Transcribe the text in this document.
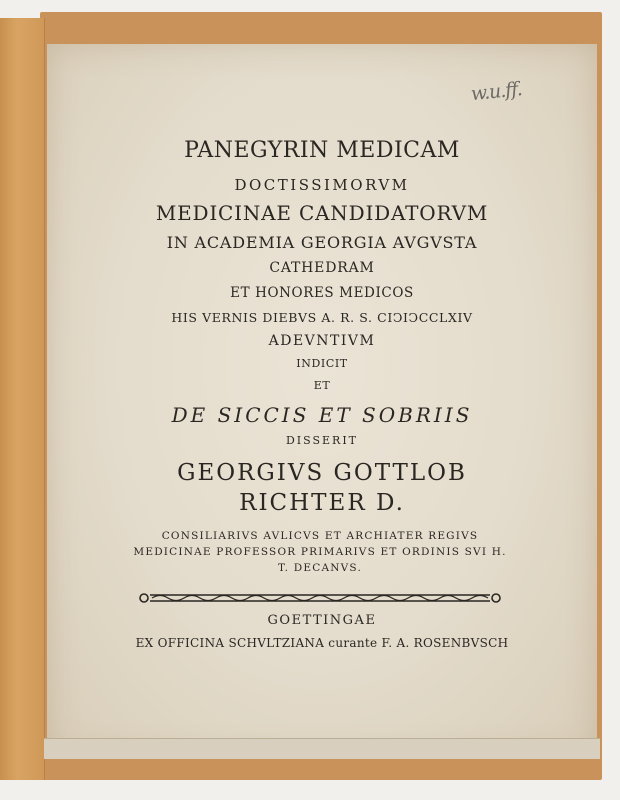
w.u.ff.
PANEGYRIN MEDICAM
DOCTISSIMORVM
MEDICINAE CANDIDATORVM
IN ACADEMIA GEORGIA AVGVSTA
CATHEDRAM
ET HONORES MEDICOS
HIS VERNIS DIEBVS A. R. S. CIↃIↃCCLXIV
ADEVNTIVM
INDICIT
ET
DE SICCIS ET SOBRIIS
DISSERIT
GEORGIVS GOTTLOB
RICHTER D.
CONSILIARIVS AVLICVS ET ARCHIATER REGIVS MEDICINAE PROFESSOR PRIMARIVS ET ORDINIS SVI H. T. DECANVS.
GOETTINGAE
EX OFFICINA SCHVLTZIANA curante F. A. ROSENBVSCH
